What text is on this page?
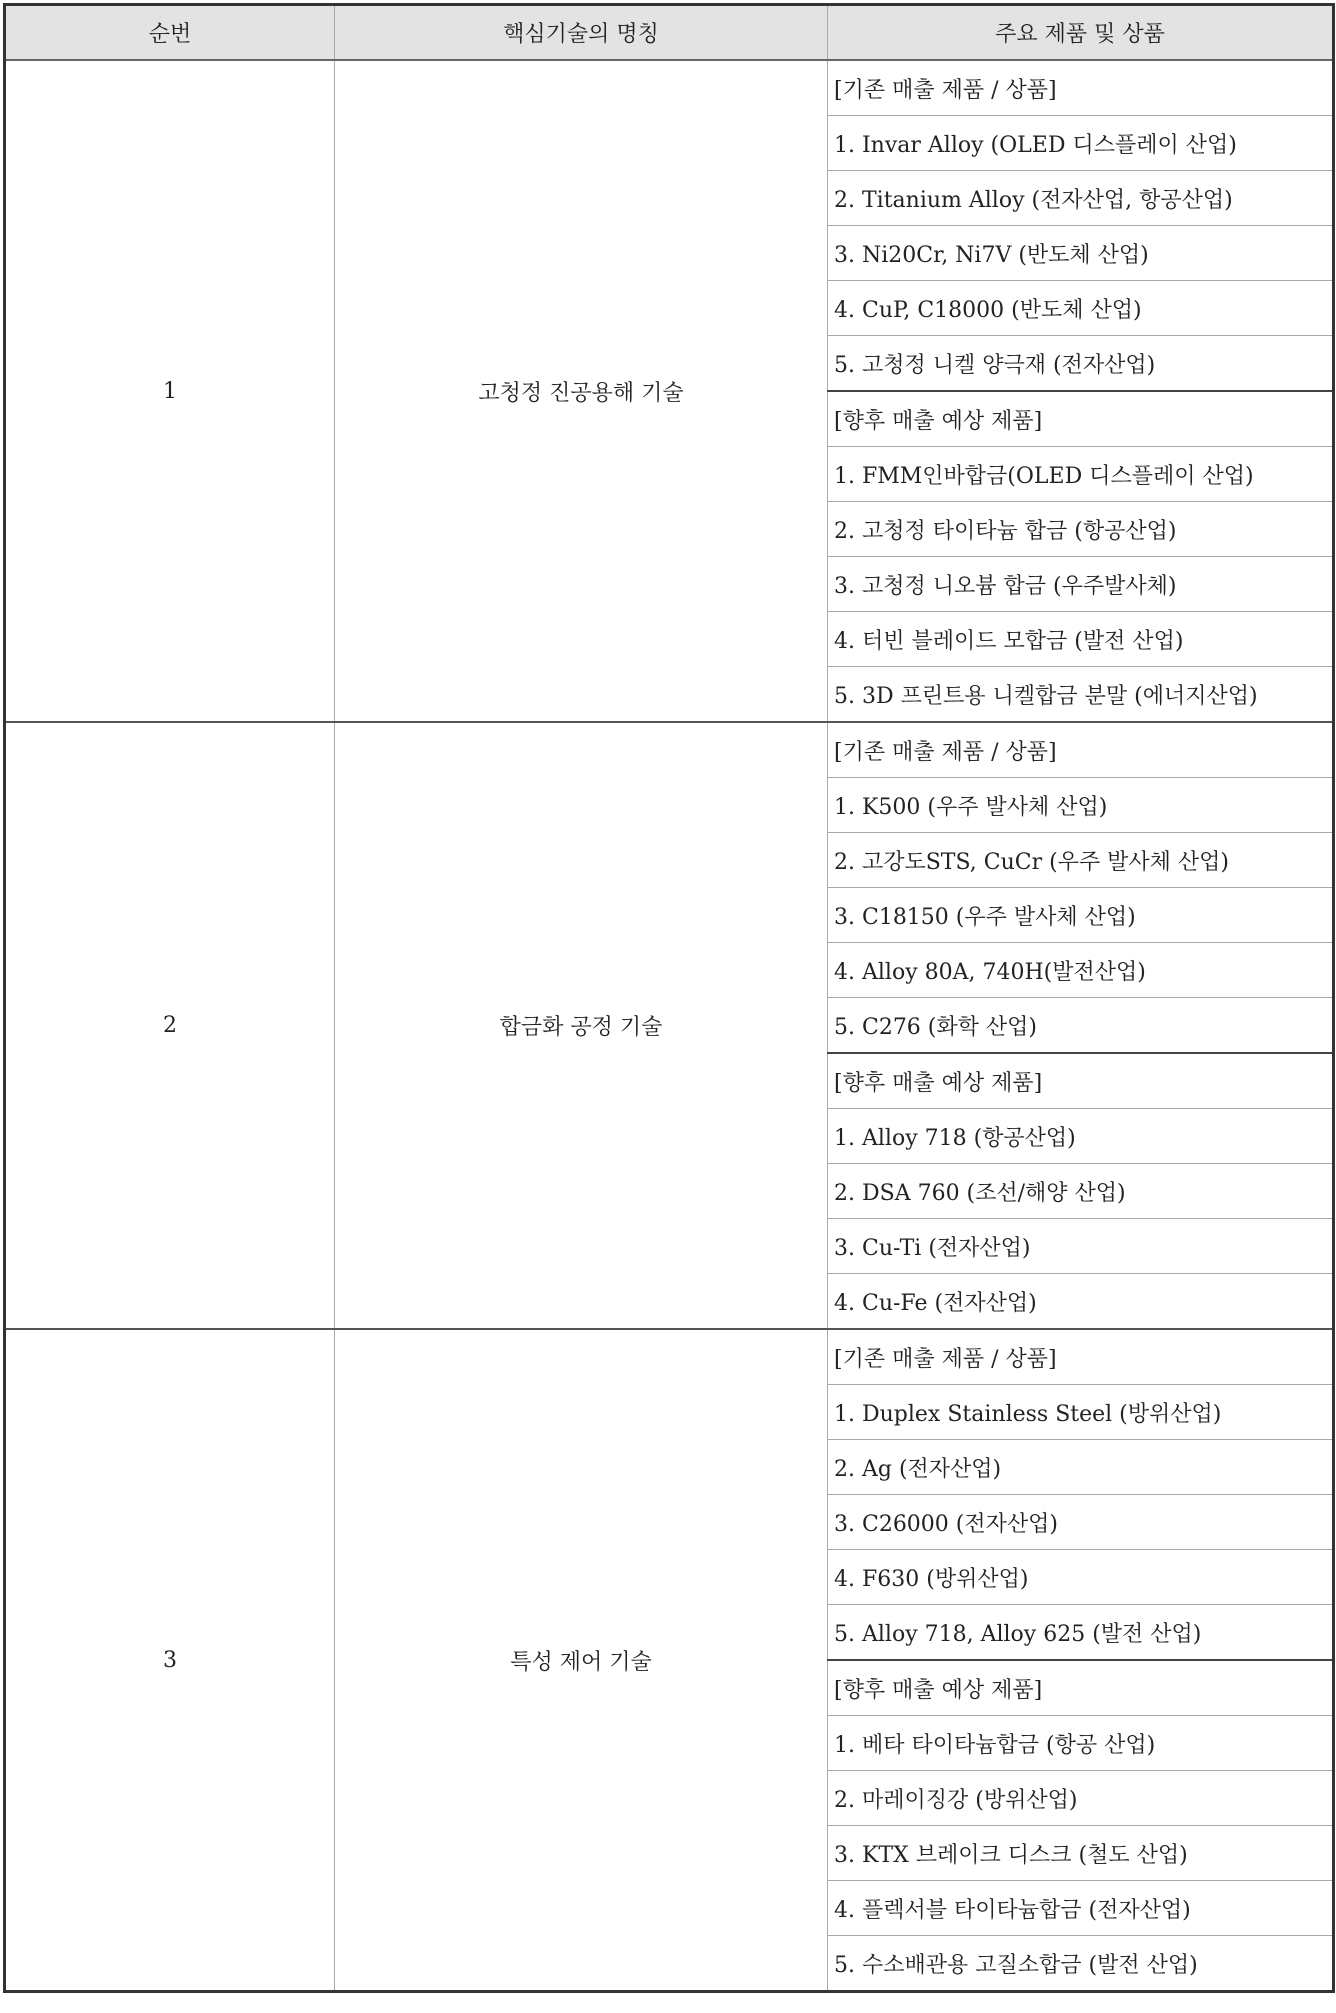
순번	핵심기술의 명칭	주요 제품 및 상품
1	고청정 진공용해 기술	[기존 매출 제품 / 상품]
		1. Invar Alloy (OLED 디스플레이 산업)
		2. Titanium Alloy (전자산업, 항공산업)
		3. Ni20Cr, Ni7V (반도체 산업)
		4. CuP, C18000 (반도체 산업)
		5. 고청정 니켈 양극재 (전자산업)
		[향후 매출 예상 제품]
		1. FMM인바합금(OLED 디스플레이 산업)
		2. 고청정 타이타늄 합금 (항공산업)
		3. 고청정 니오븀 합금 (우주발사체)
		4. 터빈 블레이드 모합금 (발전 산업)
		5. 3D 프린트용 니켈합금 분말 (에너지산업)
2	합금화 공정 기술	[기존 매출 제품 / 상품]
		1. K500 (우주 발사체 산업)
		2. 고강도STS, CuCr (우주 발사체 산업)
		3. C18150 (우주 발사체 산업)
		4. Alloy 80A, 740H(발전산업)
		5. C276 (화학 산업)
		[향후 매출 예상 제품]
		1. Alloy 718 (항공산업)
		2. DSA 760 (조선/해양 산업)
		3. Cu-Ti (전자산업)
		4. Cu-Fe (전자산업)
3	특성 제어 기술	[기존 매출 제품 / 상품]
		1. Duplex Stainless Steel (방위산업)
		2. Ag (전자산업)
		3. C26000 (전자산업)
		4. F630 (방위산업)
		5. Alloy 718, Alloy 625 (발전 산업)
		[향후 매출 예상 제품]
		1. 베타 타이타늄합금 (항공 산업)
		2. 마레이징강 (방위산업)
		3. KTX 브레이크 디스크 (철도 산업)
		4. 플렉서블 타이타늄합금 (전자산업)
		5. 수소배관용 고질소합금 (발전 산업)
